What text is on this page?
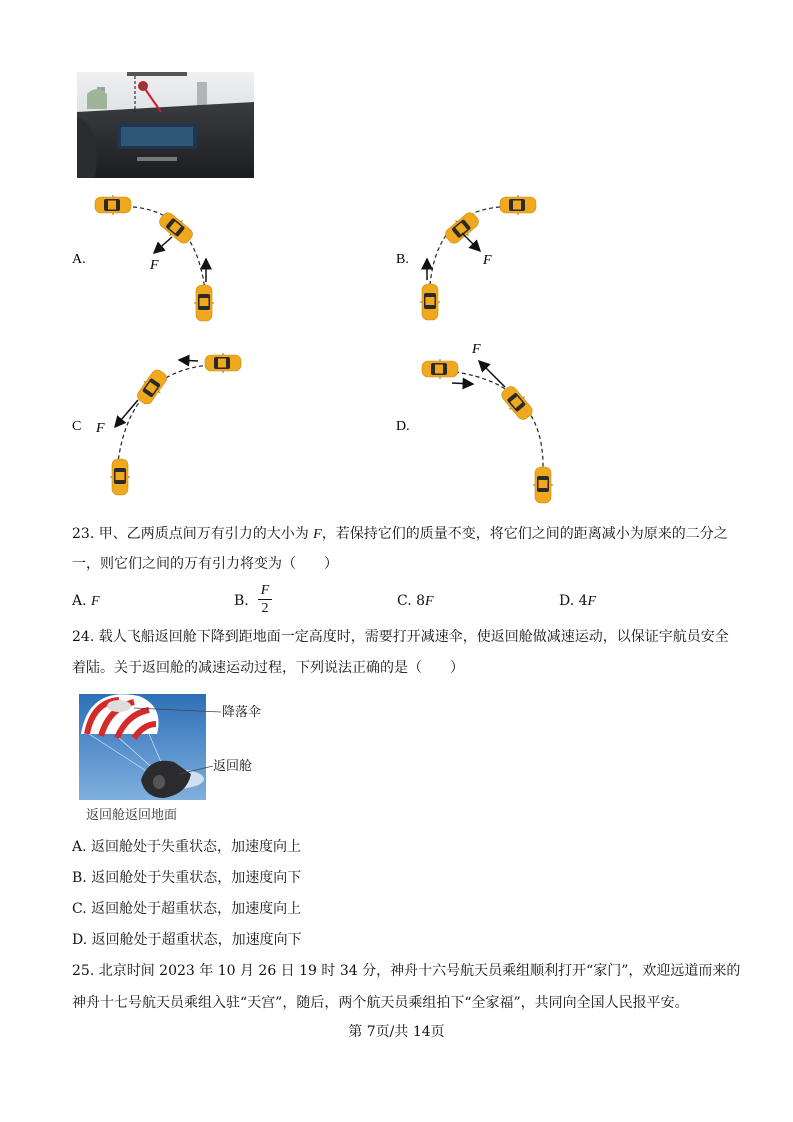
A.	B.
C	D.
F	F
F
F
23. 甲、乙两质点间万有引力的大小为 F，若保持它们的质量不变，将它们之间的距离减小为原来的二分之
一，则它们之间的万有引力将变为（　　）
A. F	B.
F
2	C. 8F	D. 4F
24. 载人飞船返回舱下降到距地面一定高度时，需要打开减速伞，使返回舱做减速运动，以保证宇航员安全
着陆。关于返回舱的减速运动过程，下列说法正确的是（　　）
降落伞
返回舱
返回舱返回地面
A. 返回舱处于失重状态，加速度向上
B. 返回舱处于失重状态，加速度向下
C. 返回舱处于超重状态，加速度向上
D. 返回舱处于超重状态，加速度向下
25. 北京时间 2023 年 10 月 26 日 19 时 34 分，神舟十六号航天员乘组顺利打开“家门”，欢迎远道而来的
神舟十七号航天员乘组入驻“天宫”，随后，两个航天员乘组拍下“全家福”，共同向全国人民报平安。
第 7页/共 14页
